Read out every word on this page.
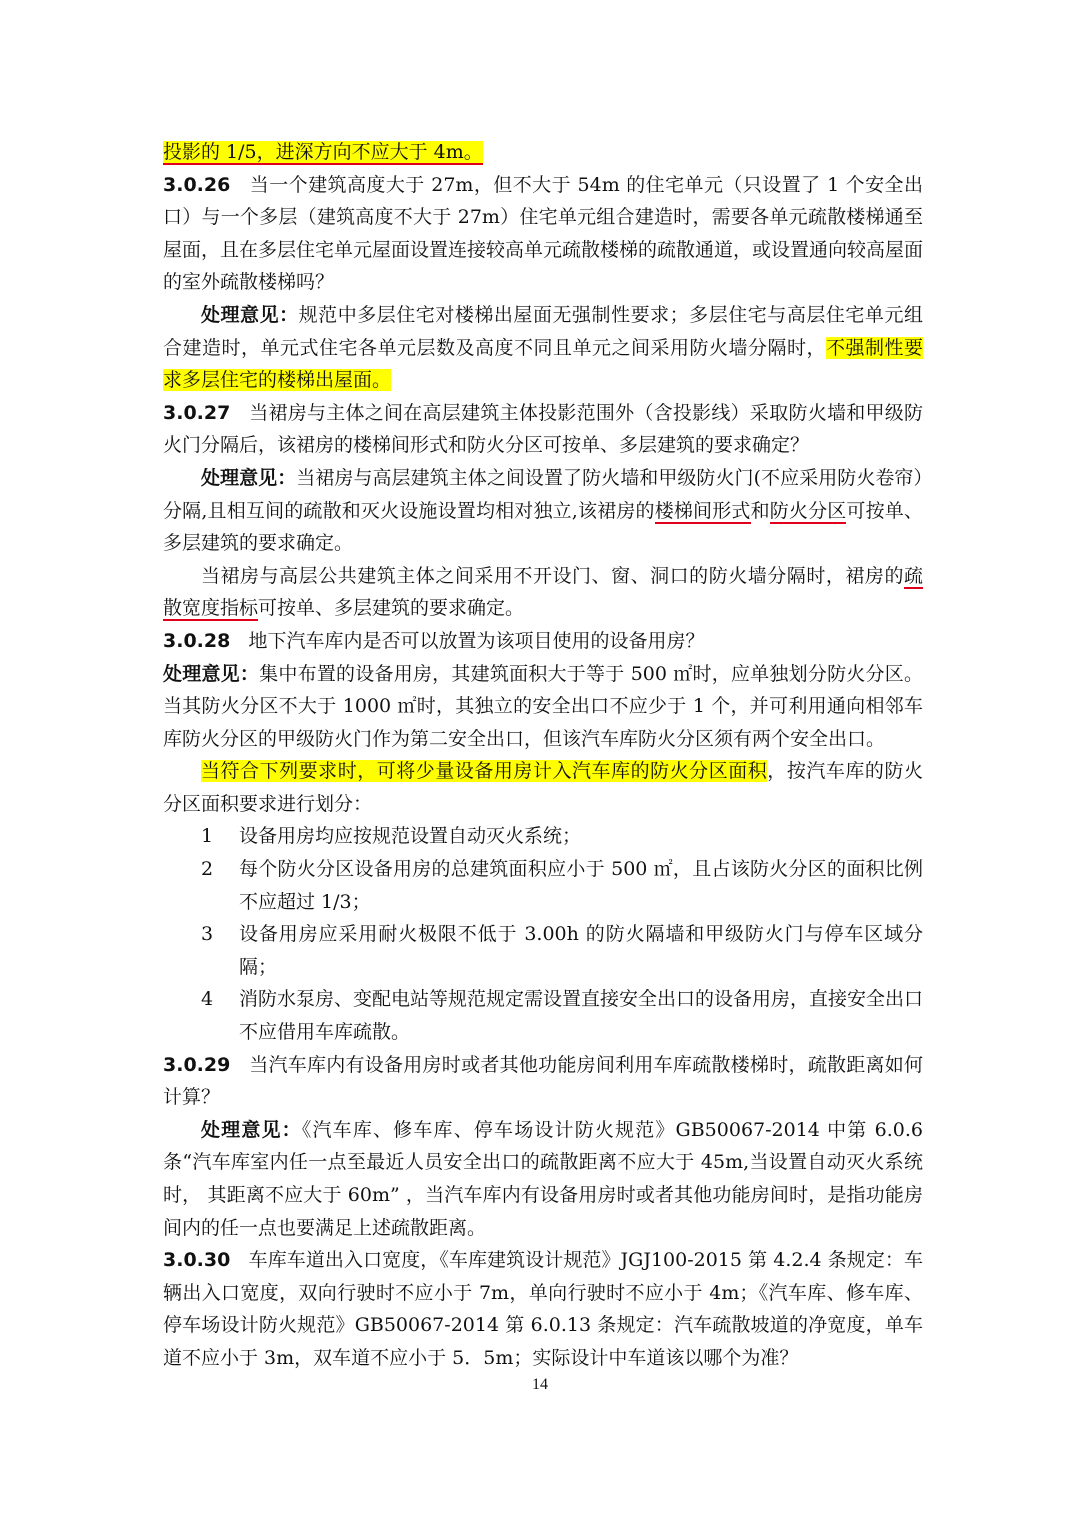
投影的 1/5，进深方向不应大于 4m。

3.0.26 当一个建筑高度大于 27m，但不大于 54m 的住宅单元（只设置了 1 个安全出口）与一个多层（建筑高度不大于 27m）住宅单元组合建造时，需要各单元疏散楼梯通至屋面，且在多层住宅单元屋面设置连接较高单元疏散楼梯的疏散通道，或设置通向较高屋面的室外疏散楼梯吗？

处理意见：规范中多层住宅对楼梯出屋面无强制性要求；多层住宅与高层住宅单元组合建造时，单元式住宅各单元层数及高度不同且单元之间采用防火墙分隔时，不强制性要求多层住宅的楼梯出屋面。

3.0.27 当裙房与主体之间在高层建筑主体投影范围外（含投影线）采取防火墙和甲级防火门分隔后，该裙房的楼梯间形式和防火分区可按单、多层建筑的要求确定？

处理意见：当裙房与高层建筑主体之间设置了防火墙和甲级防火门(不应采用防火卷帘）分隔,且相互间的疏散和灭火设施设置均相对独立,该裙房的楼梯间形式和防火分区可按单、多层建筑的要求确定。

当裙房与高层公共建筑主体之间采用不开设门、窗、洞口的防火墙分隔时，裙房的疏散宽度指标可按单、多层建筑的要求确定。

3.0.28 地下汽车库内是否可以放置为该项目使用的设备用房？

处理意见：集中布置的设备用房，其建筑面积大于等于 500 ㎡时，应单独划分防火分区。当其防火分区不大于 1000 ㎡时，其独立的安全出口不应少于 1 个，并可利用通向相邻车库防火分区的甲级防火门作为第二安全出口，但该汽车库防火分区须有两个安全出口。

当符合下列要求时，可将少量设备用房计入汽车库的防火分区面积，按汽车库的防火分区面积要求进行划分：

1	设备用房均应按规范设置自动灭火系统；
2	每个防火分区设备用房的总建筑面积应小于 500 ㎡，且占该防火分区的面积比例不应超过 1/3；
3	设备用房应采用耐火极限不低于 3.00h 的防火隔墙和甲级防火门与停车区域分隔；
4	消防水泵房、变配电站等规范规定需设置直接安全出口的设备用房，直接安全出口不应借用车库疏散。

3.0.29 当汽车库内有设备用房时或者其他功能房间利用车库疏散楼梯时，疏散距离如何计算？

处理意见：《汽车库、修车库、停车场设计防火规范》GB50067-2014 中第 6.0.6 条“汽车库室内任一点至最近人员安全出口的疏散距离不应大于 45m,当设置自动灭火系统时， 其距离不应大于 60m” ，当汽车库内有设备用房时或者其他功能房间时，是指功能房间内的任一点也要满足上述疏散距离。

3.0.30 车库车道出入口宽度，《车库建筑设计规范》JGJ100-2015 第 4.2.4 条规定：车辆出入口宽度，双向行驶时不应小于 7m，单向行驶时不应小于 4m；《汽车库、修车库、停车场设计防火规范》GB50067-2014 第 6.0.13 条规定：汽车疏散坡道的净宽度，单车道不应小于 3m，双车道不应小于 5．5m；实际设计中车道该以哪个为准？

14
